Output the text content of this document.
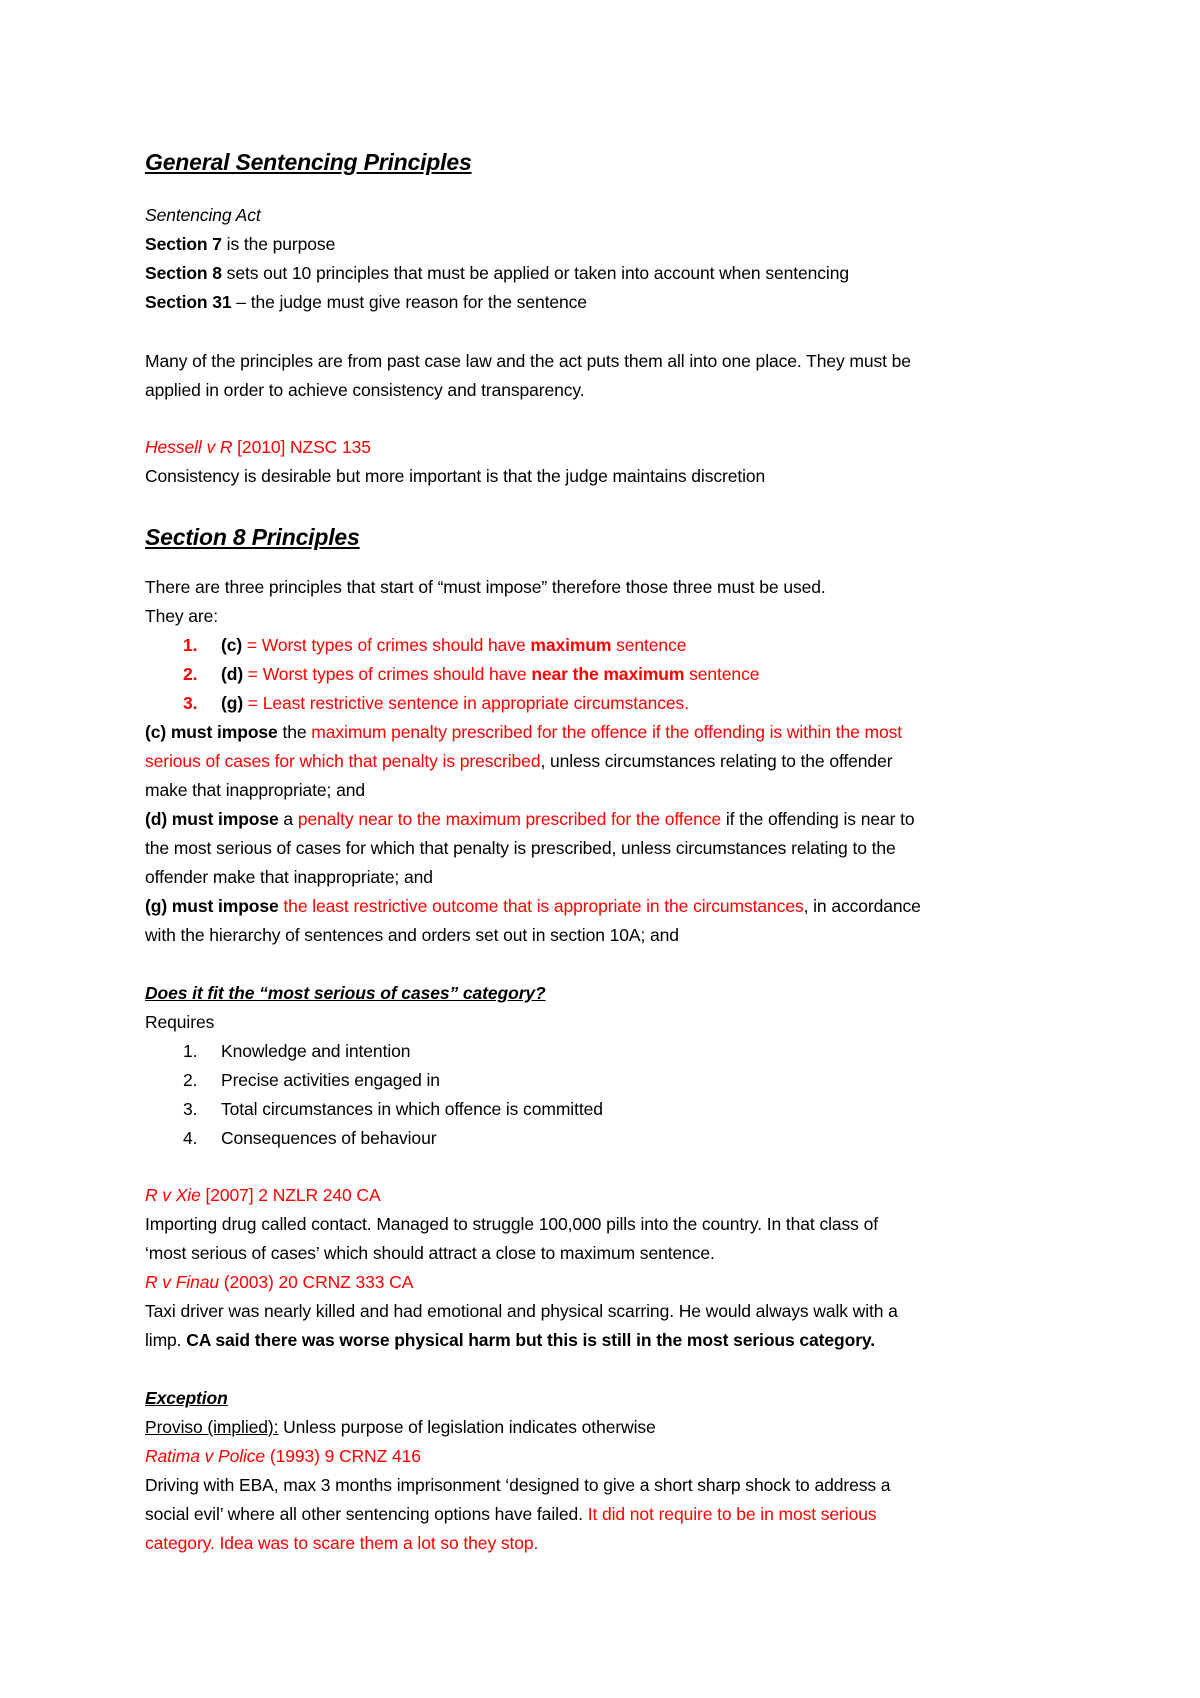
General Sentencing Principles
Sentencing Act
Section 7 is the purpose
Section 8 sets out 10 principles that must be applied or taken into account when sentencing
Section 31 – the judge must give reason for the sentence
Many of the principles are from past case law and the act puts them all into one place. They must be
applied in order to achieve consistency and transparency.
Hessell v R [2010] NZSC 135
Consistency is desirable but more important is that the judge maintains discretion
Section 8 Principles
There are three principles that start of “must impose” therefore those three must be used.
They are:
1. (c) = Worst types of crimes should have maximum sentence
2. (d) = Worst types of crimes should have near the maximum sentence
3. (g) = Least restrictive sentence in appropriate circumstances.
(c) must impose the maximum penalty prescribed for the offence if the offending is within the most
serious of cases for which that penalty is prescribed, unless circumstances relating to the offender
make that inappropriate; and
(d) must impose a penalty near to the maximum prescribed for the offence if the offending is near to
the most serious of cases for which that penalty is prescribed, unless circumstances relating to the
offender make that inappropriate; and
(g) must impose the least restrictive outcome that is appropriate in the circumstances, in accordance
with the hierarchy of sentences and orders set out in section 10A; and
Does it fit the “most serious of cases” category?
Requires
1. Knowledge and intention
2. Precise activities engaged in
3. Total circumstances in which offence is committed
4. Consequences of behaviour
R v Xie [2007] 2 NZLR 240 CA
Importing drug called contact. Managed to struggle 100,000 pills into the country. In that class of
‘most serious of cases’ which should attract a close to maximum sentence.
R v Finau (2003) 20 CRNZ 333 CA
Taxi driver was nearly killed and had emotional and physical scarring. He would always walk with a
limp. CA said there was worse physical harm but this is still in the most serious category.
Exception
Proviso (implied): Unless purpose of legislation indicates otherwise
Ratima v Police (1993) 9 CRNZ 416
Driving with EBA, max 3 months imprisonment ‘designed to give a short sharp shock to address a
social evil’ where all other sentencing options have failed. It did not require to be in most serious
category. Idea was to scare them a lot so they stop.
